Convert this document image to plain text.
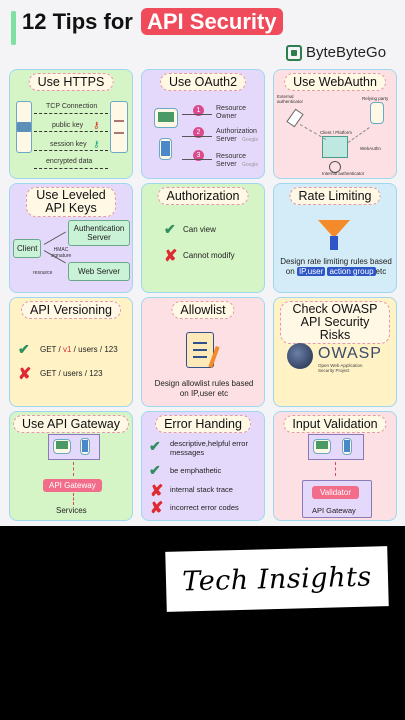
12 Tips for API Security
ByteByteGo
Use HTTPS
TCP Connection
public key ⚷
session key ⚷
encrypted data
Use OAuth2
1
2
3
Resource Owner
Authorization Server	Google
Resource Server	Google
Use WebAuthn
External authenticator
Relying party
Client / Platform
WebAuthn
Internal authenticator
Use Leveled API Keys
Client
Authentication Server
Web Server
HMAC signature
resource
Authorization
✔ Can view
✘ Cannot modify
Rate Limiting
Design rate limiting rules based on IP,user action group etc
API Versioning
✔ GET / v1 / users / 123
✘ GET / users / 123
Allowlist
Design allowlist rules based on IP,user etc
Check OWASP API Security Risks
OWASP
Open Web Application Security Project
Use API Gateway
API Gateway
Services
Error Handing
✔ descriptive,helpful error messages
✔ be emphathetic
✘ internal stack trace
✘ incorrect error codes
Input Validation
Validator
API Gateway
Tech Insights
